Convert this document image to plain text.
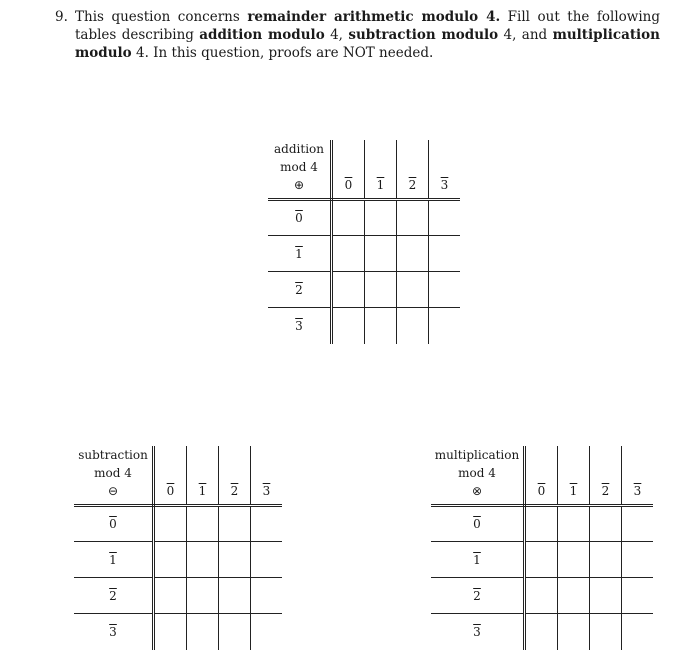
9. This question concerns remainder arithmetic modulo 4. Fill out the following tables describing addition modulo 4, subtraction modulo 4, and multiplication modulo 4. In this question, proofs are NOT needed.
addition
mod 4
⊕	0	1	2	3
0				
1				
2				
3				
subtraction
mod 4
⊖	0	1	2	3
0				
1				
2				
3				
multiplication
mod 4
⊗	0	1	2	3
0				
1				
2				
3				
